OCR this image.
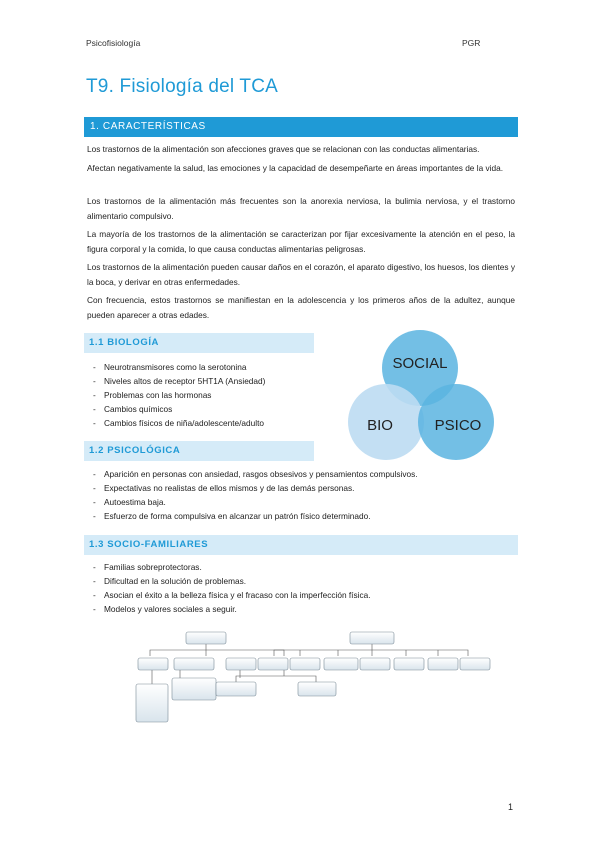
Psicofisiología	PGR
T9. Fisiología del TCA
1. CARACTERÍSTICAS
Los trastornos de la alimentación son afecciones graves que se relacionan con las conductas alimentarias.
Afectan negativamente la salud, las emociones y la capacidad de desempeñarte en áreas importantes de la vida.
Los trastornos de la alimentación más frecuentes son la anorexia nerviosa, la bulimia nerviosa, y el trastorno alimentario compulsivo.
La mayoría de los trastornos de la alimentación se caracterizan por fijar excesivamente la atención en el peso, la figura corporal y la comida, lo que causa conductas alimentarias peligrosas.
Los trastornos de la alimentación pueden causar daños en el corazón, el aparato digestivo, los huesos, los dientes y la boca, y derivar en otras enfermedades.
Con frecuencia, estos trastornos se manifiestan en la adolescencia y los primeros años de la adultez, aunque pueden aparecer a otras edades.
1.1 BIOLOGÍA
- Neurotransmisores como la serotonina
- Niveles altos de receptor 5HT1A (Ansiedad)
- Problemas con las hormonas
- Cambios químicos
- Cambios físicos de niña/adolescente/adulto
SOCIAL
BIO	PSICO
1.2 PSICOLÓGICA
- Aparición en personas con ansiedad, rasgos obsesivos y pensamientos compulsivos.
- Expectativas no realistas de ellos mismos y de las demás personas.
- Autoestima baja.
- Esfuerzo de forma compulsiva en alcanzar un patrón físico determinado.
1.3 SOCIO-FAMILIARES
- Familias sobreprotectoras.
- Dificultad en la solución de problemas.
- Asocian el éxito a la belleza física y el fracaso con la imperfección física.
- Modelos y valores sociales a seguir.
1
